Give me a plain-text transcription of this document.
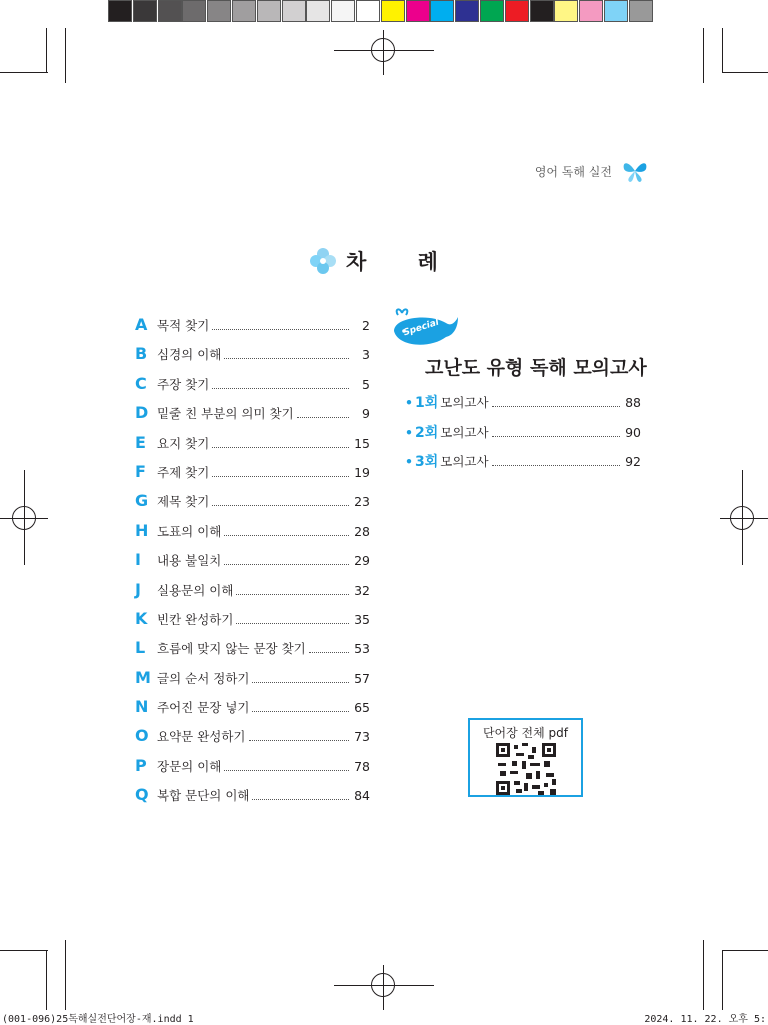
영어 독해 실전
차 례
A 목적 찾기	2
B 심경의 이해	3
C 주장 찾기	5
D 밑줄 친 부분의 의미 찾기	9
E 요지 찾기	15
F 주제 찾기	19
G 제목 찾기	23
H 도표의 이해	28
I	내용 불일치	29
J	실용문의 이해	32
K 빈칸 완성하기	35
L 흐름에 맞지 않는 문장 찾기	53
M 글의 순서 정하기	57
N 주어진 문장 넣기	65
O 요약문 완성하기	73
P 장문의 이해	78
Q 복합 문단의 이해	84
Special
고난도 유형 독해 모의고사
• 1회 모의고사	88
• 2회 모의고사	90
• 3회 모의고사	92
단어장 전체 pdf
(001-096)25독해실전단어장-재.indd 1	2024. 11. 22. 오후 5:
